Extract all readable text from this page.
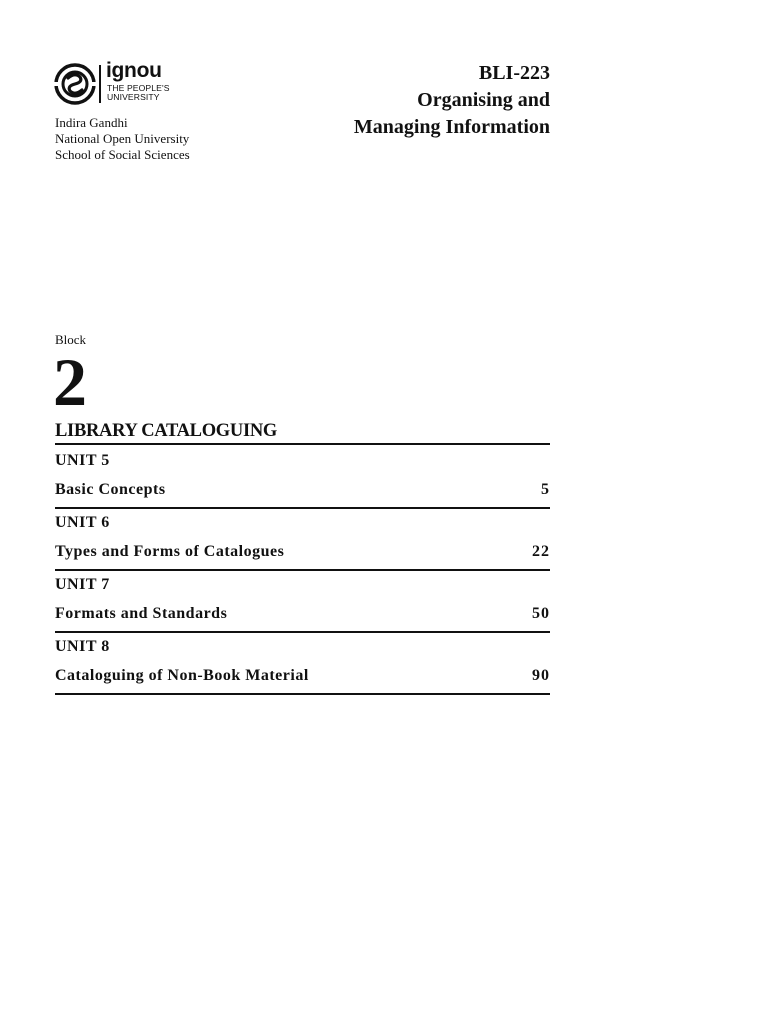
ignou
THE PEOPLE'S
UNIVERSITY
Indira Gandhi
National Open University
School of Social Sciences
BLI-223
Organising and
Managing Information
Block
2
LIBRARY CATALOGUING
UNIT 5
Basic Concepts	5
UNIT 6
Types and Forms of Catalogues	22
UNIT 7
Formats and Standards	50
UNIT 8
Cataloguing of Non-Book Material	90
